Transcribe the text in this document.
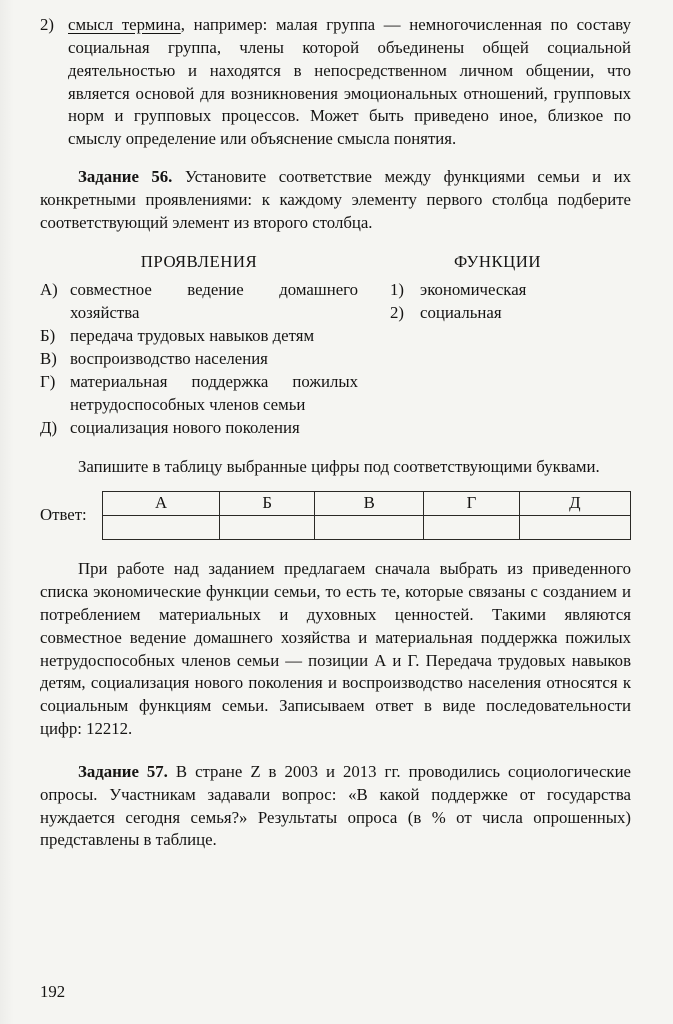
2) смысл термина, например: малая группа — немногочисленная по составу социальная группа, члены которой объединены общей социальной деятельностью и находятся в непосредственном личном общении, что является основой для возникновения эмоциональных отношений, групповых норм и групповых процессов. Может быть приведено иное, близкое по смыслу определение или объяснение смысла понятия.

Задание 56. Установите соответствие между функциями семьи и их конкретными проявлениями: к каждому элементу первого столбца подберите соответствующий элемент из второго столбца.

ПРОЯВЛЕНИЯ
А) совместное ведение домашнего хозяйства
Б) передача трудовых навыков детям
В) воспроизводство населения
Г) материальная поддержка пожилых нетрудоспособных членов семьи
Д) социализация нового поколения
ФУНКЦИИ
1) экономическая
2) социальная

Запишите в таблицу выбранные цифры под соответствующими буквами.

Ответ:
А	Б	В	Г	Д

При работе над заданием предлагаем сначала выбрать из приведенного списка экономические функции семьи, то есть те, которые связаны с созданием и потреблением материальных и духовных ценностей. Такими являются совместное ведение домашнего хозяйства и материальная поддержка пожилых нетрудоспособных членов семьи — позиции А и Г. Передача трудовых навыков детям, социализация нового поколения и воспроизводство населения относятся к социальным функциям семьи. Записываем ответ в виде последовательности цифр: 12212.

Задание 57. В стране Z в 2003 и 2013 гг. проводились социологические опросы. Участникам задавали вопрос: «В какой поддержке от государства нуждается сегодня семья?» Результаты опроса (в % от числа опрошенных) представлены в таблице.

192
